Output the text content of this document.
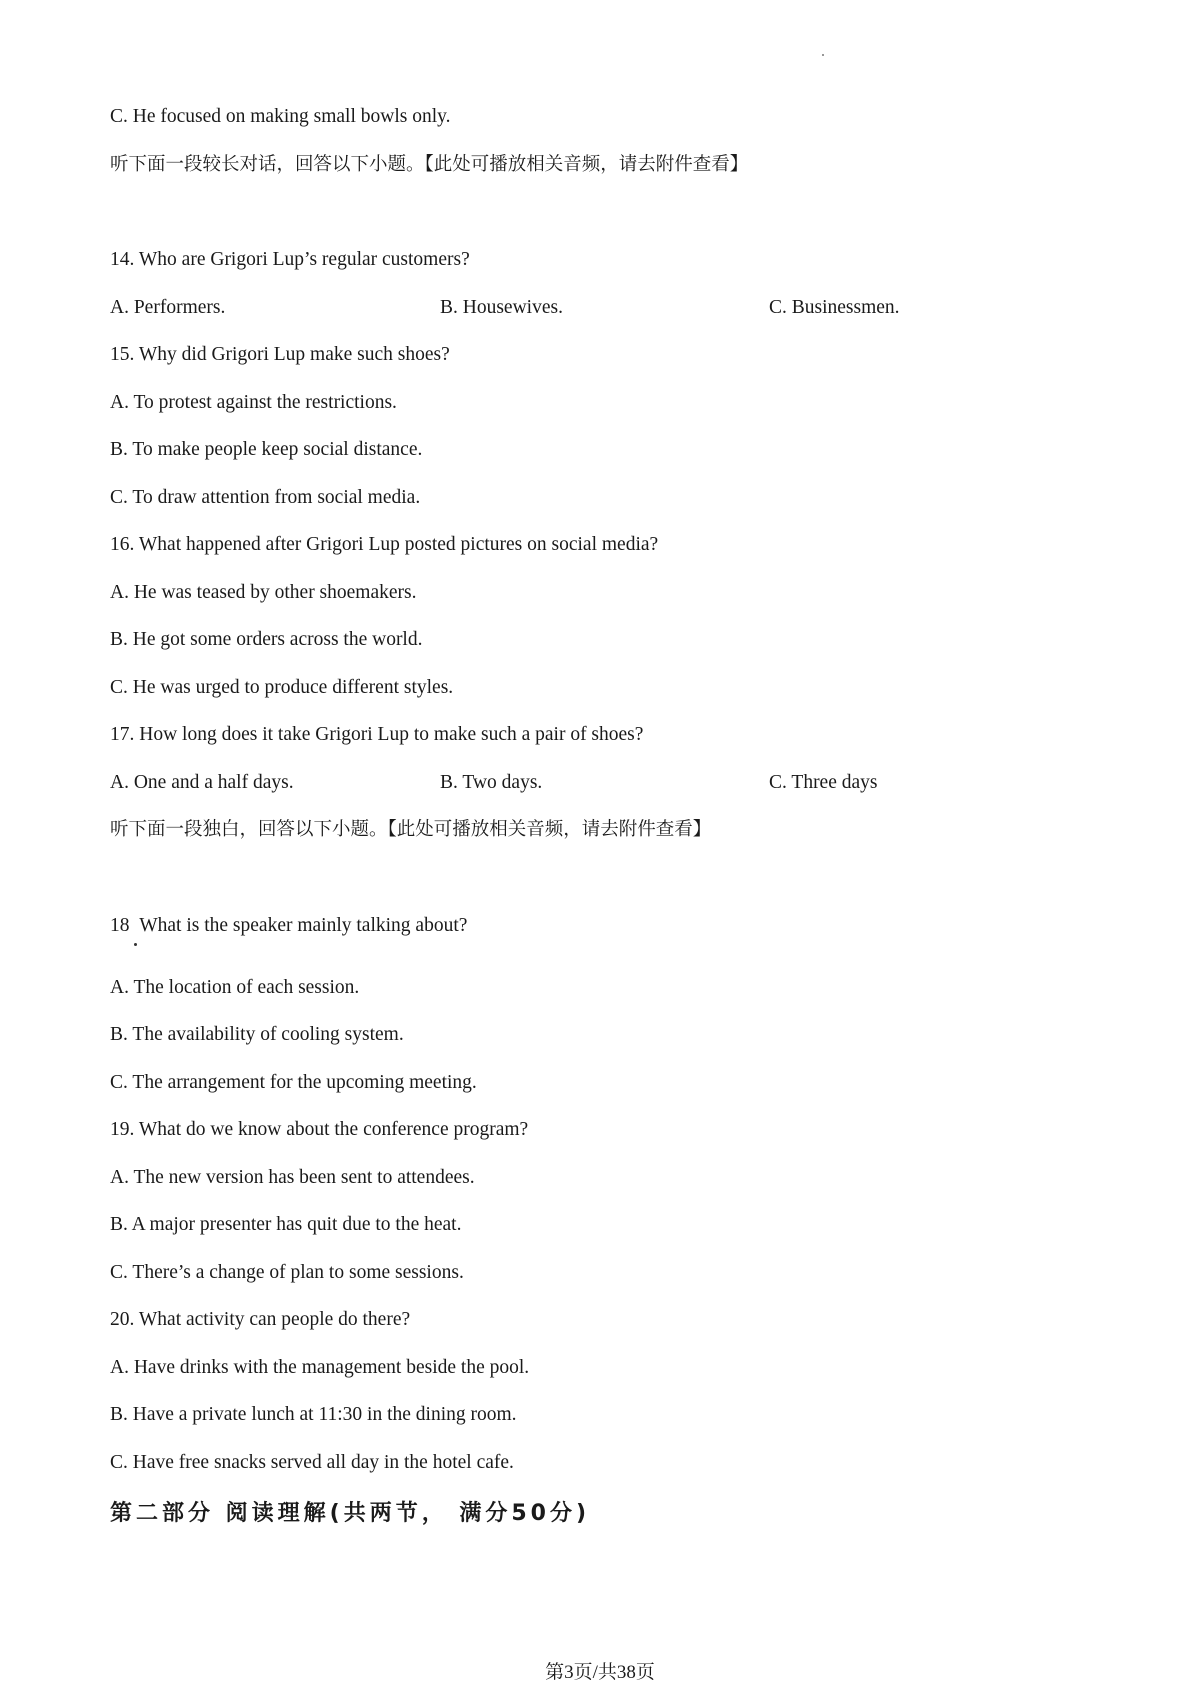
C. He focused on making small bowls only.
听下面一段较长对话，回答以下小题。【此处可播放相关音频，请去附件查看】
14. Who are Grigori Lup’s regular customers?
A. Performers.	B. Housewives.	C. Businessmen.
15. Why did Grigori Lup make such shoes?
A. To protest against the restrictions.
B. To make people keep social distance.
C. To draw attention from social media.
16. What happened after Grigori Lup posted pictures on social media?
A. He was teased by other shoemakers.
B. He got some orders across the world.
C. He was urged to produce different styles.
17. How long does it take Grigori Lup to make such a pair of shoes?
A. One and a half days.	B. Two days.	C. Three days
听下面一段独白，回答以下小题。【此处可播放相关音频，请去附件查看】
18 What is the speaker mainly talking about?
A. The location of each session.
B. The availability of cooling system.
C. The arrangement for the upcoming meeting.
19. What do we know about the conference program?
A. The new version has been sent to attendees.
B. A major presenter has quit due to the heat.
C. There’s a change of plan to some sessions.
20. What activity can people do there?
A. Have drinks with the management beside the pool.
B. Have a private lunch at 11:30 in the dining room.
C. Have free snacks served all day in the hotel cafe.
第二部分 阅读理解(共两节， 满分50分)
第3页/共38页
